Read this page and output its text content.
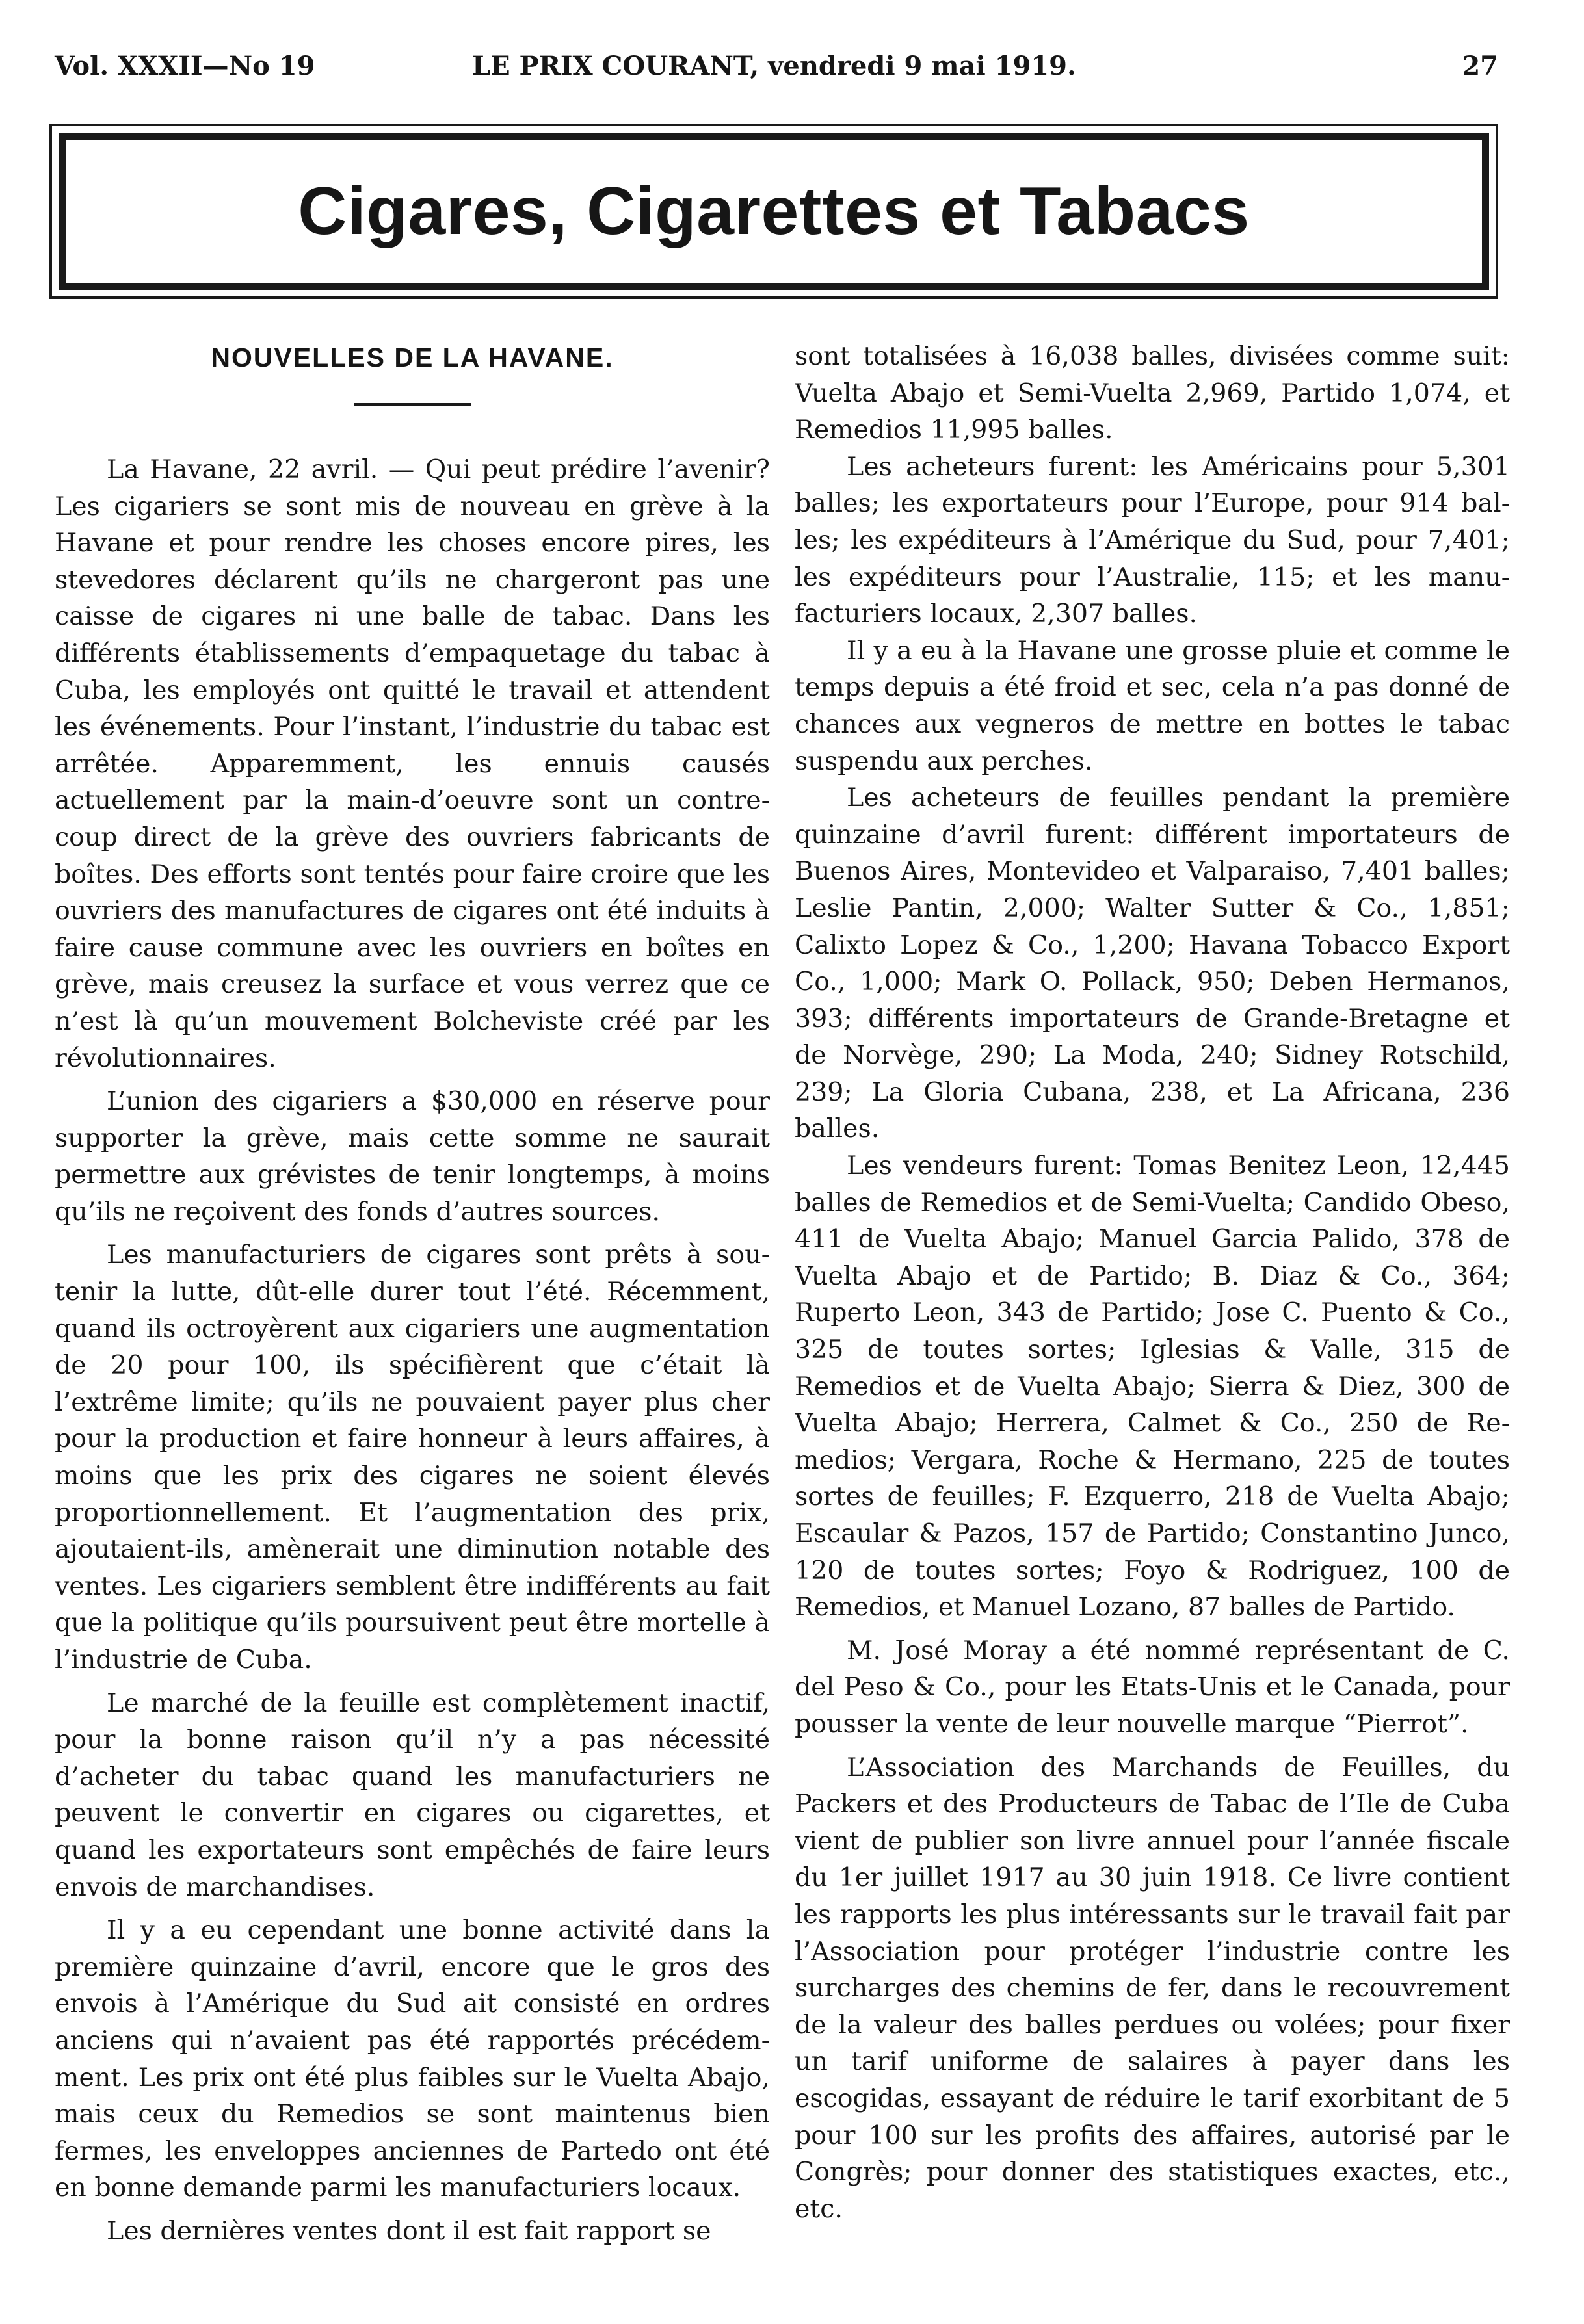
Vol. XXXII—No 19	LE PRIX COURANT, vendredi 9 mai 1919.	27
Cigares, Cigarettes et Tabacs
NOUVELLES DE LA HAVANE.

La Havane, 22 avril. — Qui peut prédire l’avenir? Les cigariers se sont mis de nouveau en grève à la Havane et pour rendre les choses encore pires, les stevedores déclarent qu’ils ne chargeront pas une caisse de cigares ni une balle de tabac. Dans les différents établissements d’empaquetage du tabac à Cuba, les employés ont quitté le travail et attendent les événements. Pour l’instant, l’industrie du tabac est arrêtée. Apparemment, les ennuis causés actuellement par la main-d’oeuvre sont un contre-coup direct de la grève des ouvriers fabricants de boîtes. Des efforts sont tentés pour faire croire que les ouvriers des manufactures de cigares ont été induits à faire cause commune avec les ouvriers en boîtes en grève, mais creusez la surface et vous verrez que ce n’est là qu’un mouvement Bolcheviste créé par les révolutionnaires.

L’union des cigariers a $30,000 en réserve pour supporter la grève, mais cette somme ne saurait permettre aux grévistes de tenir longtemps, à moins qu’ils ne reçoivent des fonds d’autres sources.

Les manufacturiers de cigares sont prêts à soutenir la lutte, dût-elle durer tout l’été. Récemment, quand ils octroyèrent aux cigariers une augmentation de 20 pour 100, ils spécifièrent que c’était là l’extrême limite; qu’ils ne pouvaient payer plus cher pour la production et faire honneur à leurs affaires, à moins que les prix des cigares ne soient élevés proportionnellement. Et l’augmentation des prix, ajoutaient-ils, amènerait une diminution notable des ventes. Les cigariers semblent être indifférents au fait que la politique qu’ils poursuivent peut être mortelle à l’industrie de Cuba.

Le marché de la feuille est complètement inactif, pour la bonne raison qu’il n’y a pas nécessité d’acheter du tabac quand les manufacturiers ne peuvent le convertir en cigares ou cigarettes, et quand les exportateurs sont empêchés de faire leurs envois de marchandises.

Il y a eu cependant une bonne activité dans la première quinzaine d’avril, encore que le gros des envois à l’Amérique du Sud ait consisté en ordres anciens qui n’avaient pas été rapportés précédemment. Les prix ont été plus faibles sur le Vuelta Abajo, mais ceux du Remedios se sont maintenus bien fermes, les enveloppes anciennes de Partedo ont été en bonne demande parmi les manufacturiers locaux.

Les dernières ventes dont il est fait rapport se

sont totalisées à 16,038 balles, divisées comme suit: Vuelta Abajo et Semi-Vuelta 2,969, Partido 1,074, et Remedios 11,995 balles.

Les acheteurs furent: les Américains pour 5,301 balles; les exportateurs pour l’Europe, pour 914 balles; les expéditeurs à l’Amérique du Sud, pour 7,401; les expéditeurs pour l’Australie, 115; et les manufacturiers locaux, 2,307 balles.

Il y a eu à la Havane une grosse pluie et comme le temps depuis a été froid et sec, cela n’a pas donné de chances aux vegneros de mettre en bottes le tabac suspendu aux perches.

Les acheteurs de feuilles pendant la première quinzaine d’avril furent: différent importateurs de Buenos Aires, Montevideo et Valparaiso, 7,401 balles; Leslie Pantin, 2,000; Walter Sutter & Co., 1,851; Calixto Lopez & Co., 1,200; Havana Tobacco Export Co., 1,000; Mark O. Pollack, 950; Deben Hermanos, 393; différents importateurs de Grande-Bretagne et de Norvège, 290; La Moda, 240; Sidney Rotschild, 239; La Gloria Cubana, 238, et La Africana, 236 balles.

Les vendeurs furent: Tomas Benitez Leon, 12,445 balles de Remedios et de Semi-Vuelta; Candido Obeso, 411 de Vuelta Abajo; Manuel Garcia Palido, 378 de Vuelta Abajo et de Partido; B. Diaz & Co., 364; Ruperto Leon, 343 de Partido; Jose C. Puento & Co., 325 de toutes sortes; Iglesias & Valle, 315 de Remedios et de Vuelta Abajo; Sierra & Diez, 300 de Vuelta Abajo; Herrera, Calmet & Co., 250 de Remedios; Vergara, Roche & Hermano, 225 de toutes sortes de feuilles; F. Ezquerro, 218 de Vuelta Abajo; Escaular & Pazos, 157 de Partido; Constantino Junco, 120 de toutes sortes; Foyo & Rodriguez, 100 de Remedios, et Manuel Lozano, 87 balles de Partido.

M. José Moray a été nommé représentant de C. del Peso & Co., pour les Etats-Unis et le Canada, pour pousser la vente de leur nouvelle marque “Pierrot”.

L’Association des Marchands de Feuilles, du Packers et des Producteurs de Tabac de l’Ile de Cuba vient de publier son livre annuel pour l’année fiscale du 1er juillet 1917 au 30 juin 1918. Ce livre contient les rapports les plus intéressants sur le travail fait par l’Association pour protéger l’industrie contre les surcharges des chemins de fer, dans le recouvrement de la valeur des balles perdues ou volées; pour fixer un tarif uniforme de salaires à payer dans les escogidas, essayant de réduire le tarif exorbitant de 5 pour 100 sur les profits des affaires, autorisé par le Congrès; pour donner des statistiques exactes, etc., etc.
